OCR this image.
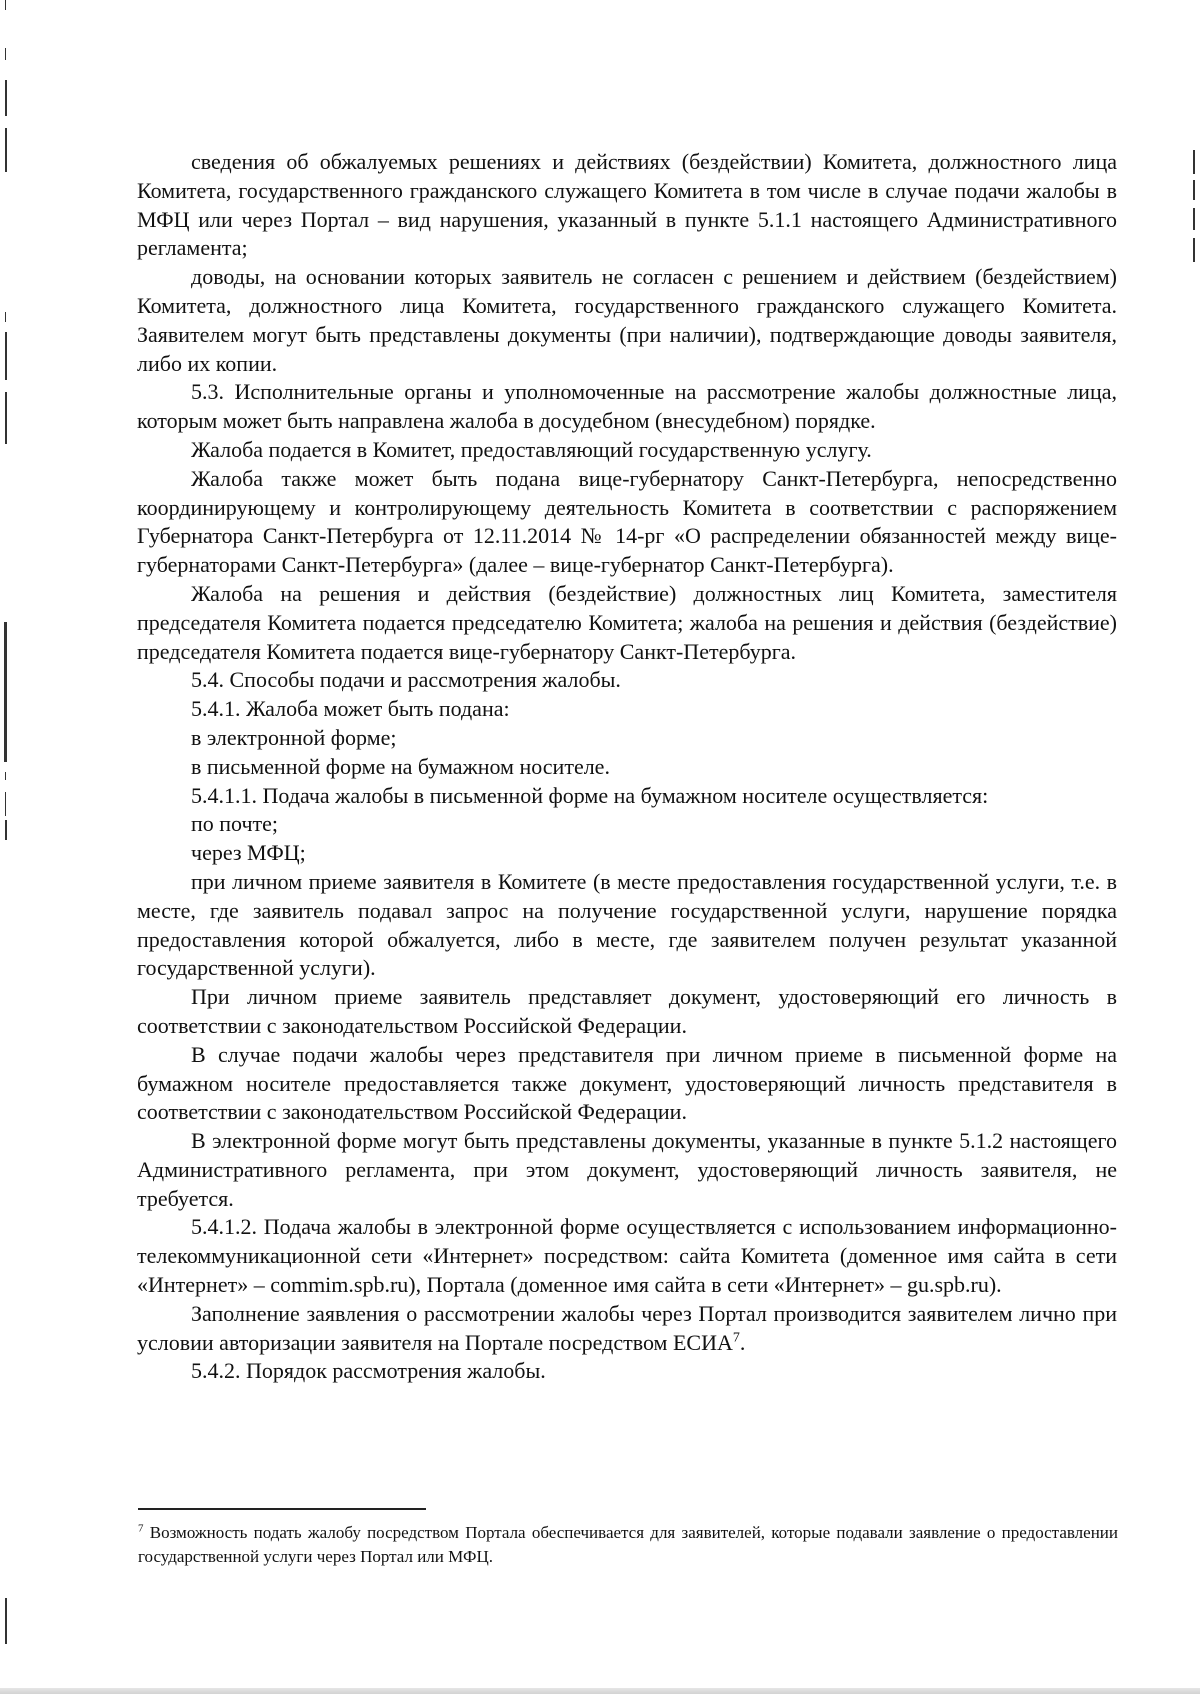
сведения об обжалуемых решениях и действиях (бездействии) Комитета, должностного лица Комитета, государственного гражданского служащего Комитета в том числе в случае подачи жалобы в МФЦ или через Портал – вид нарушения, указанный в пункте 5.1.1 настоящего Административного регламента;

доводы, на основании которых заявитель не согласен с решением и действием (бездействием) Комитета, должностного лица Комитета, государственного гражданского служащего Комитета. Заявителем могут быть представлены документы (при наличии), подтверждающие доводы заявителя, либо их копии.

5.3. Исполнительные органы и уполномоченные на рассмотрение жалобы должностные лица, которым может быть направлена жалоба в досудебном (внесудебном) порядке.

Жалоба подается в Комитет, предоставляющий государственную услугу.

Жалоба также может быть подана вице-губернатору Санкт-Петербурга, непосредственно координирующему и контролирующему деятельность Комитета в соответствии с распоряжением Губернатора Санкт-Петербурга от 12.11.2014 № 14-рг «О распределении обязанностей между вице-губернаторами Санкт-Петербурга» (далее – вице-губернатор Санкт-Петербурга).

Жалоба на решения и действия (бездействие) должностных лиц Комитета, заместителя председателя Комитета подается председателю Комитета; жалоба на решения и действия (бездействие) председателя Комитета подается вице-губернатору Санкт-Петербурга.

5.4. Способы подачи и рассмотрения жалобы.

5.4.1. Жалоба может быть подана:

в электронной форме;

в письменной форме на бумажном носителе.

5.4.1.1. Подача жалобы в письменной форме на бумажном носителе осуществляется:

по почте;

через МФЦ;

при личном приеме заявителя в Комитете (в месте предоставления государственной услуги, т.е. в месте, где заявитель подавал запрос на получение государственной услуги, нарушение порядка предоставления которой обжалуется, либо в месте, где заявителем получен результат указанной государственной услуги).

При личном приеме заявитель представляет документ, удостоверяющий его личность в соответствии с законодательством Российской Федерации.

В случае подачи жалобы через представителя при личном приеме в письменной форме на бумажном носителе предоставляется также документ, удостоверяющий личность представителя в соответствии с законодательством Российской Федерации.

В электронной форме могут быть представлены документы, указанные в пункте 5.1.2 настоящего Административного регламента, при этом документ, удостоверяющий личность заявителя, не требуется.

5.4.1.2. Подача жалобы в электронной форме осуществляется с использованием информационно-телекоммуникационной сети «Интернет» посредством: сайта Комитета (доменное имя сайта в сети «Интернет» – commim.spb.ru), Портала (доменное имя сайта в сети «Интернет» – gu.spb.ru).

Заполнение заявления о рассмотрении жалобы через Портал производится заявителем лично при условии авторизации заявителя на Портале посредством ЕСИА$^7$.

5.4.2. Порядок рассмотрения жалобы.

$^7$ Возможность подать жалобу посредством Портала обеспечивается для заявителей, которые подавали заявление о предоставлении государственной услуги через Портал или МФЦ.
